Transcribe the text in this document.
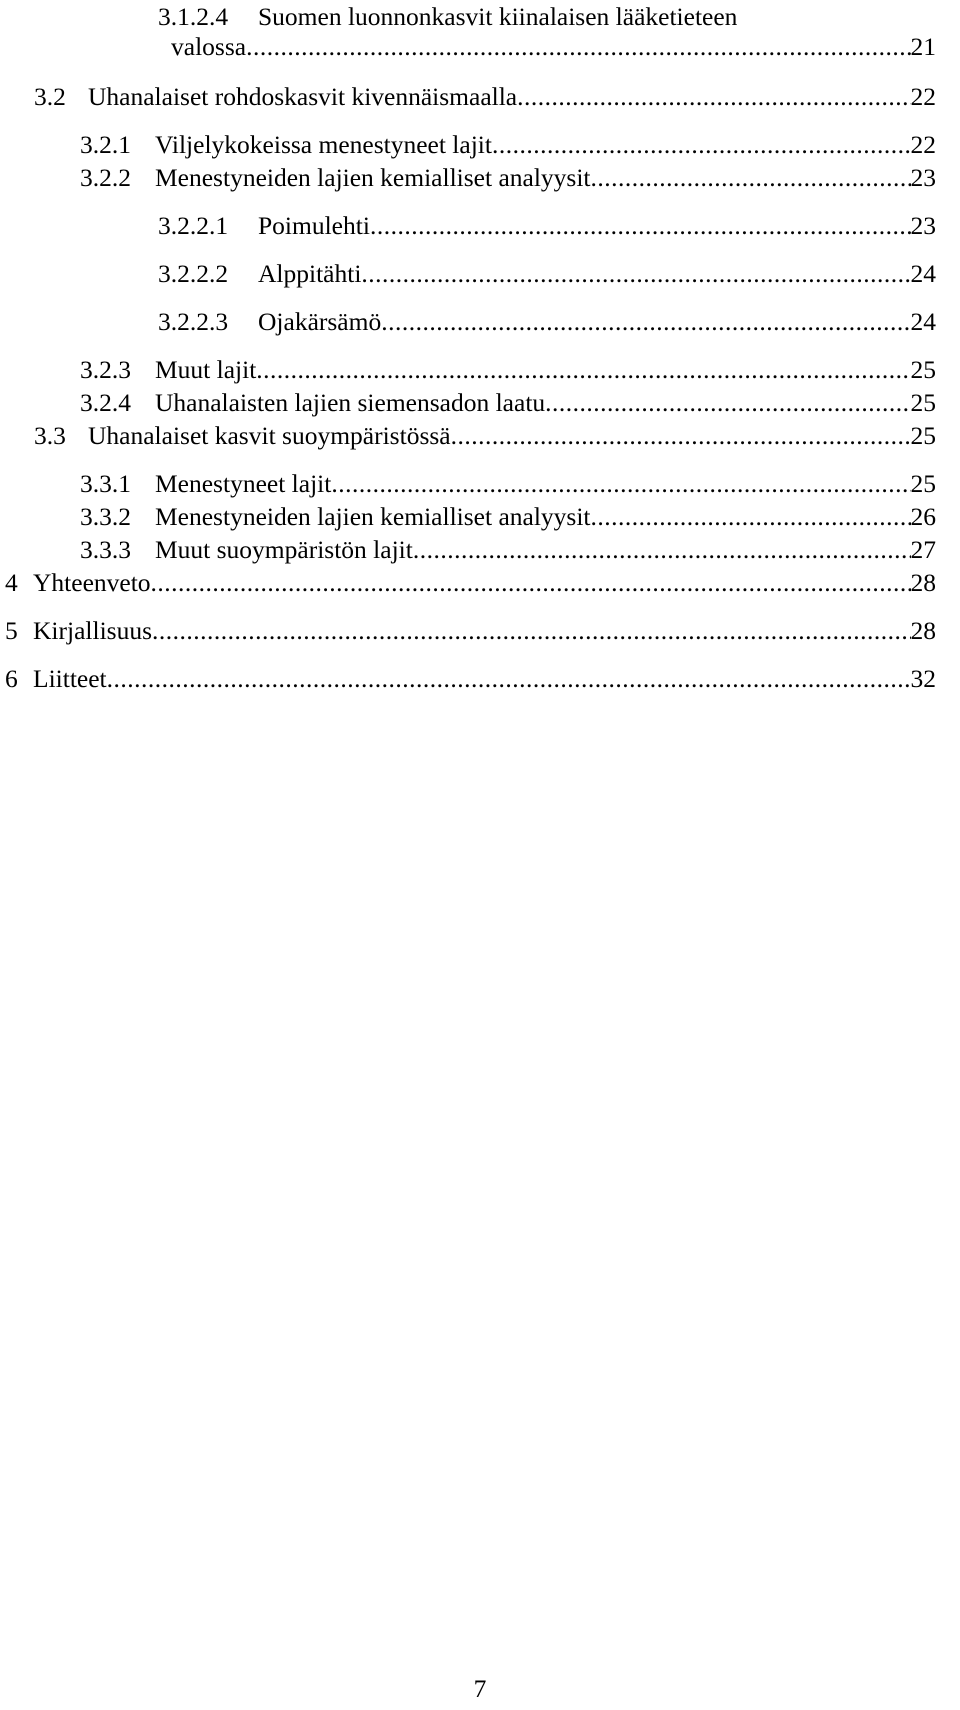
3.1.2.4 Suomen luonnonkasvit kiinalaisen lääketieteen
valossa .....	21
3.2 Uhanalaiset rohdoskasvit kivennäismaalla .....	22
3.2.1 Viljelykokeissa menestyneet lajit .....	22
3.2.2 Menestyneiden lajien kemialliset analyysit .....	23
3.2.2.1 Poimulehti .....	23
3.2.2.2 Alppitähti .....	24
3.2.2.3 Ojakärsämö .....	24
3.2.3 Muut lajit .....	25
3.2.4 Uhanalaisten lajien siemensadon laatu .....	25
3.3 Uhanalaiset kasvit suoympäristössä .....	25
3.3.1 Menestyneet lajit .....	25
3.3.2 Menestyneiden lajien kemialliset analyysit .....	26
3.3.3 Muut suoympäristön lajit .....	27
4 Yhteenveto .....	28
5 Kirjallisuus .....	28
6 Liitteet .....	32
7
